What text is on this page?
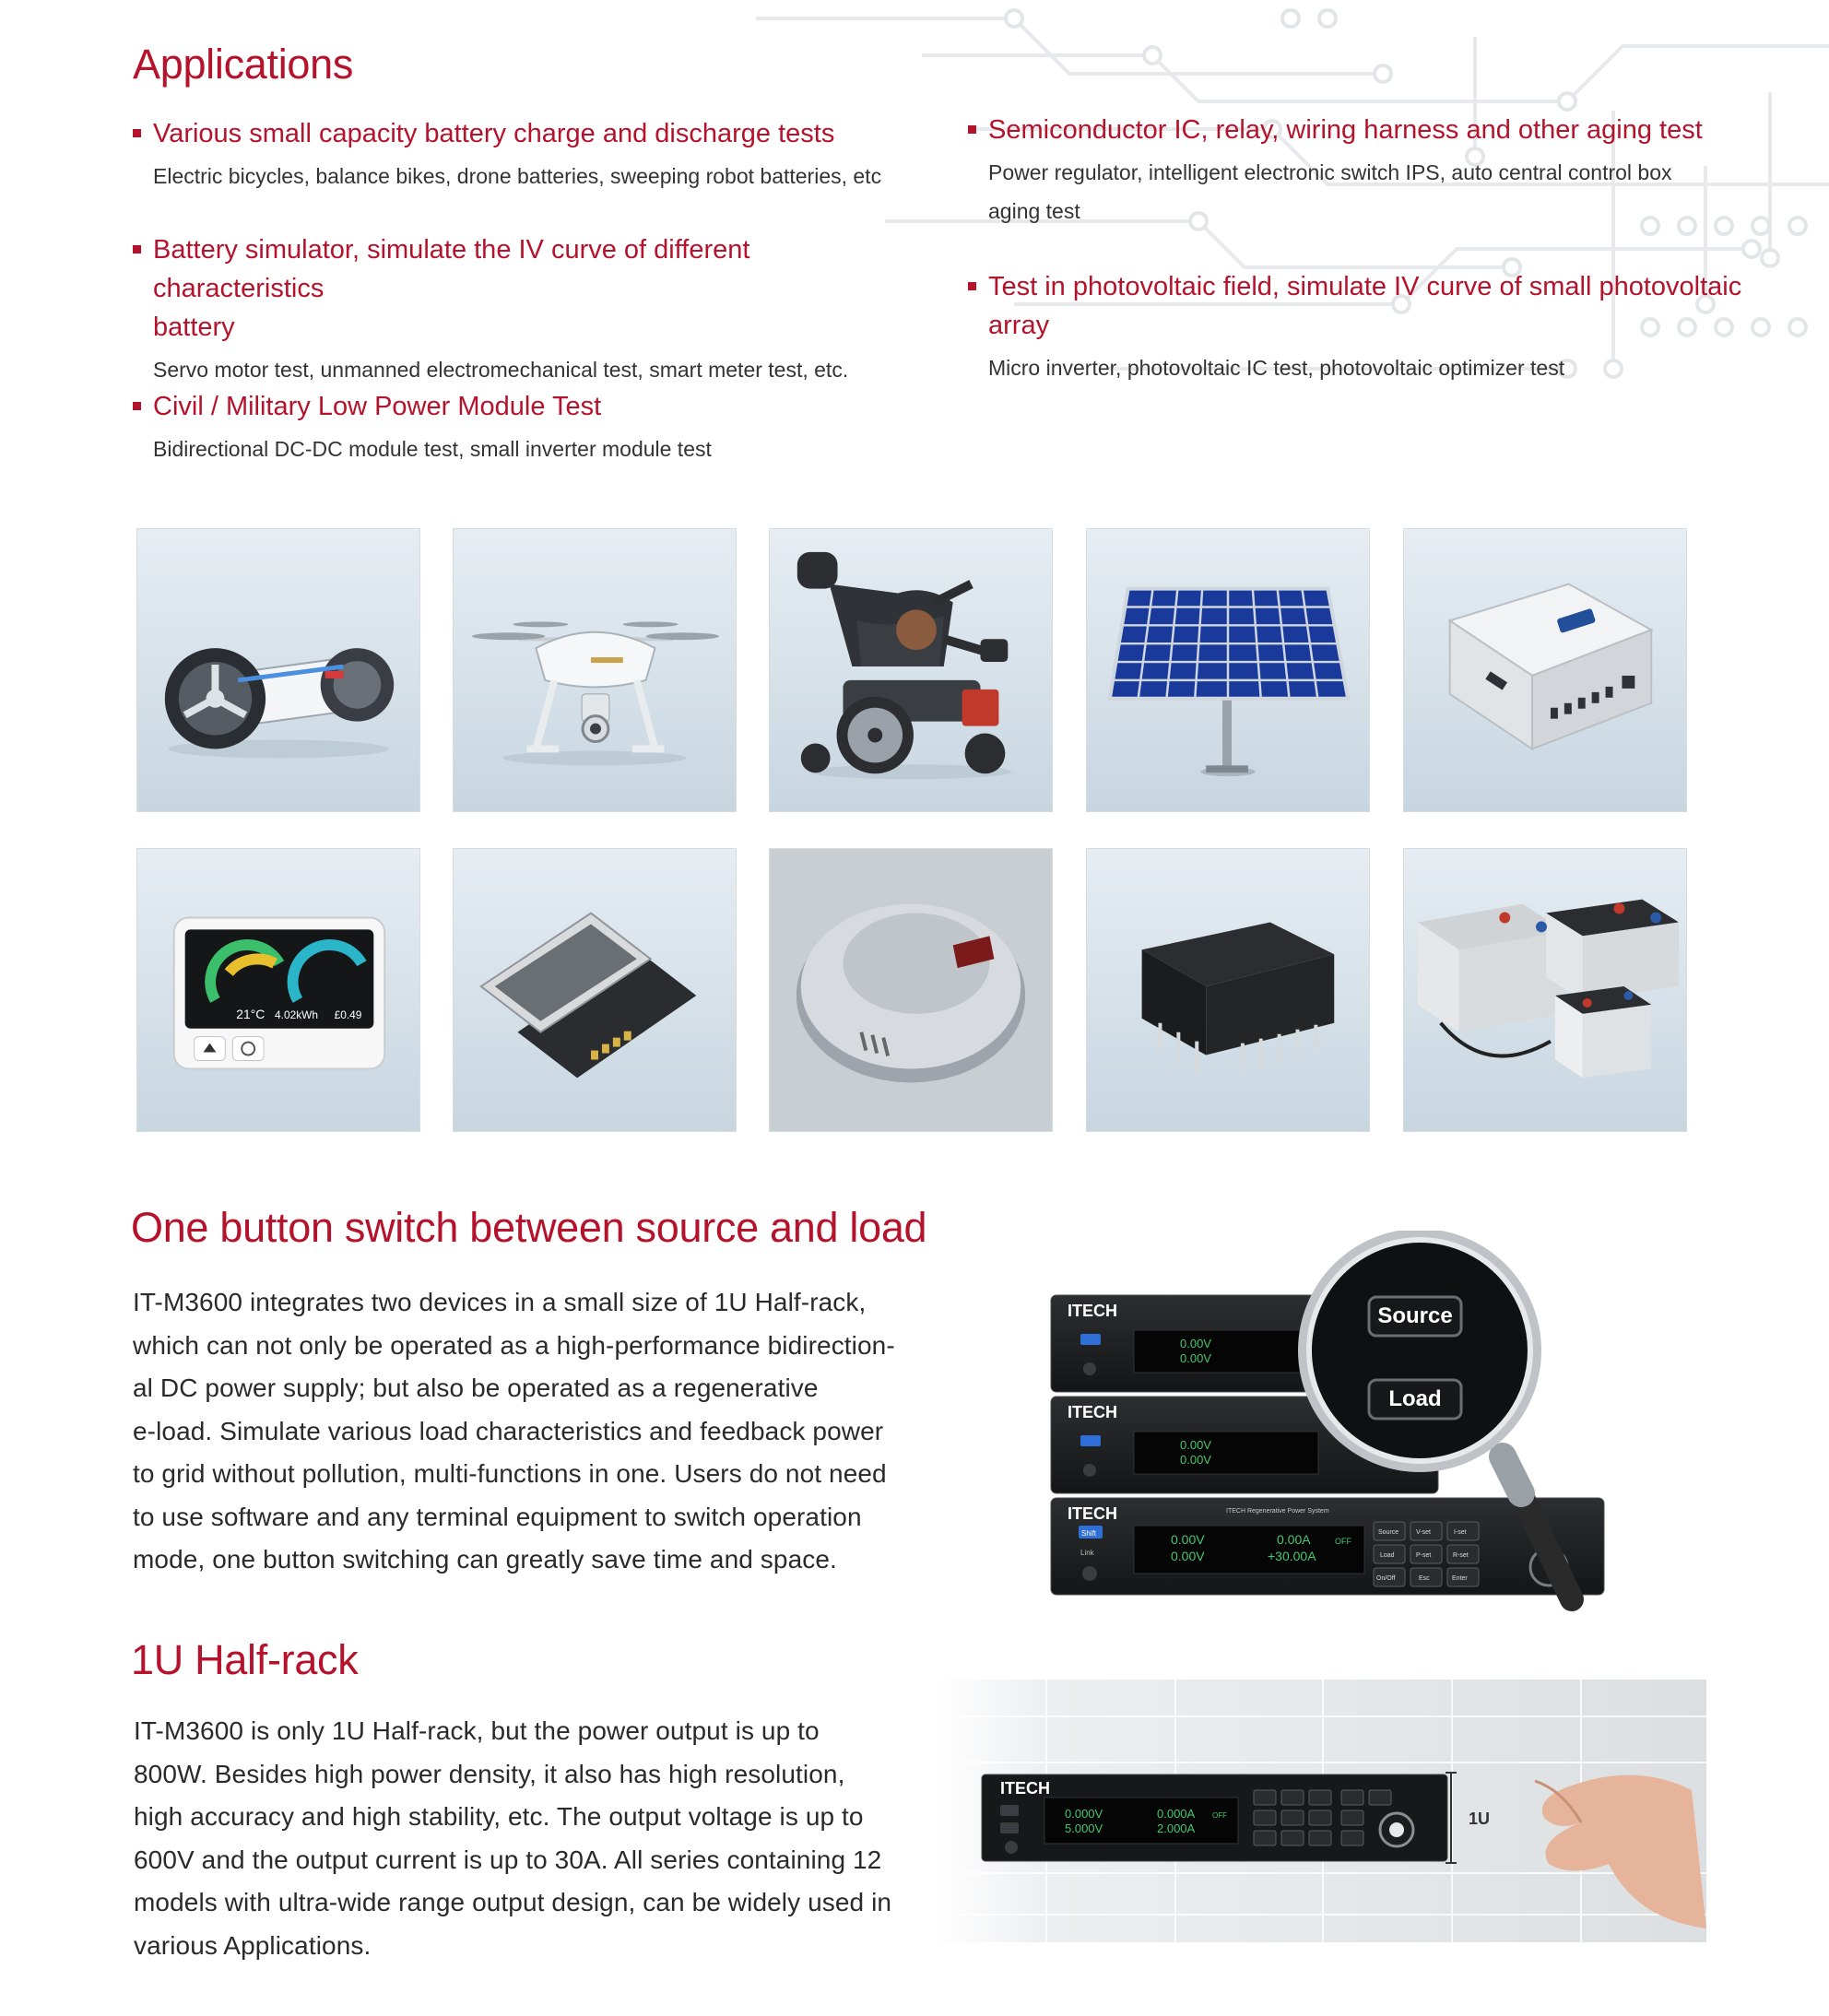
Applications
Various small capacity battery charge and discharge tests
Electric bicycles, balance bikes, drone batteries, sweeping robot batteries, etc
Battery simulator, simulate the IV curve of different characteristics
battery
Servo motor test, unmanned electromechanical test, smart meter test, etc.
Civil / Military Low Power Module Test
Bidirectional DC-DC module test, small inverter module test
Semiconductor IC, relay, wiring harness and other aging test
Power regulator, intelligent electronic switch IPS, auto central control box
aging test
Test in photovoltaic field, simulate IV curve of small photovoltaic
array
Micro inverter, photovoltaic IC test, photovoltaic optimizer test
21°C 4.02kWh £0.49
One button switch between source and load
IT-M3600 integrates two devices in a small size of 1U Half-rack,
which can not only be operated as a high-performance bidirection-
al DC power supply; but also be operated as a regenerative
e-load. Simulate various load characteristics and feedback power
to grid without pollution, multi-functions in one. Users do not need
to use software and any terminal equipment to switch operation
mode, one button switching can greatly save time and space.
ITECH
0.00V
0.00V
ITECH
0.00V
0.00V
ITECH	ITECH Regenerative Power System
Shift
Link
0.00V
0.00V
0.00A
+30.00A
OFF
Source	V-set	I-set
Load	P-set	R-set
On/Off	Esc	Enter
Source
Load
1U Half-rack
IT-M3600 is only 1U Half-rack, but the power output is up to
800W. Besides high power density, it also has high resolution,
high accuracy and high stability, etc. The output voltage is up to
600V and the output current is up to 30A. All series containing 12
models with ultra-wide range output design, can be widely used in
various Applications.
ITECH
0.000V
5.000V
0.000A
2.000A
OFF	1U
